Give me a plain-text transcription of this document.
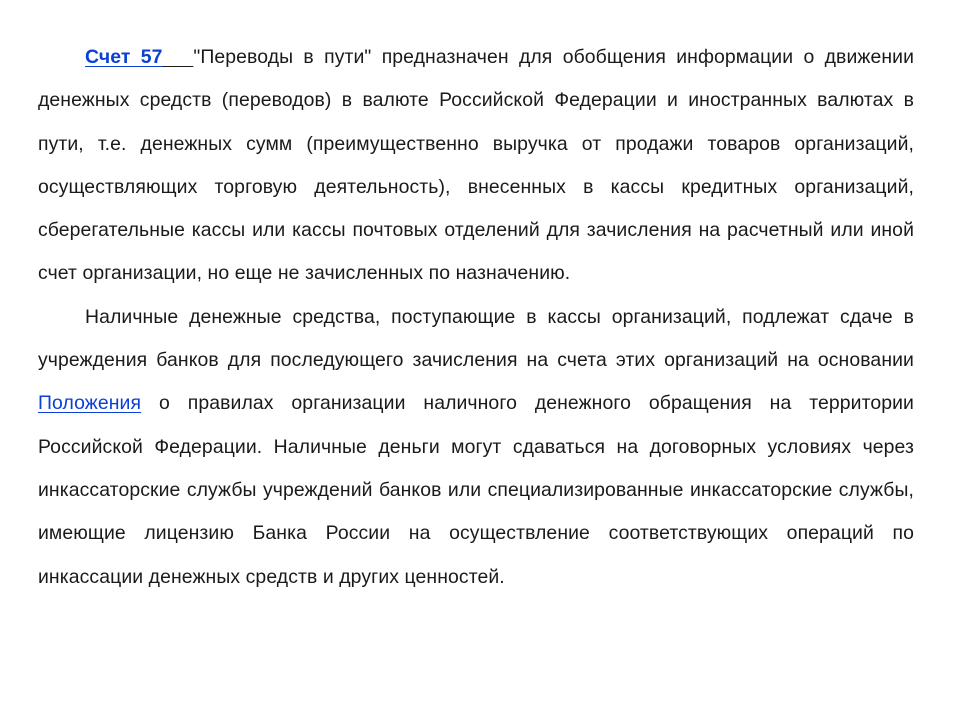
Счет 57 "Переводы в пути" предназначен для обобщения информации о движении денежных средств (переводов) в валюте Российской Федерации и иностранных валютах в пути, т.е. денежных сумм (преимущественно выручка от продажи товаров организаций, осуществляющих торговую деятельность), внесенных в кассы кредитных организаций, сберегательные кассы или кассы почтовых отделений для зачисления на расчетный или иной счет организации, но еще не зачисленных по назначению.

Наличные денежные средства, поступающие в кассы организаций, подлежат сдаче в учреждения банков для последующего зачисления на счета этих организаций на основании Положения о правилах организации наличного денежного обращения на территории Российской Федерации. Наличные деньги могут сдаваться на договорных условиях через инкассаторские службы учреждений банков или специализированные инкассаторские службы, имеющие лицензию Банка России на осуществление соответствующих операций по инкассации денежных средств и других ценностей.
